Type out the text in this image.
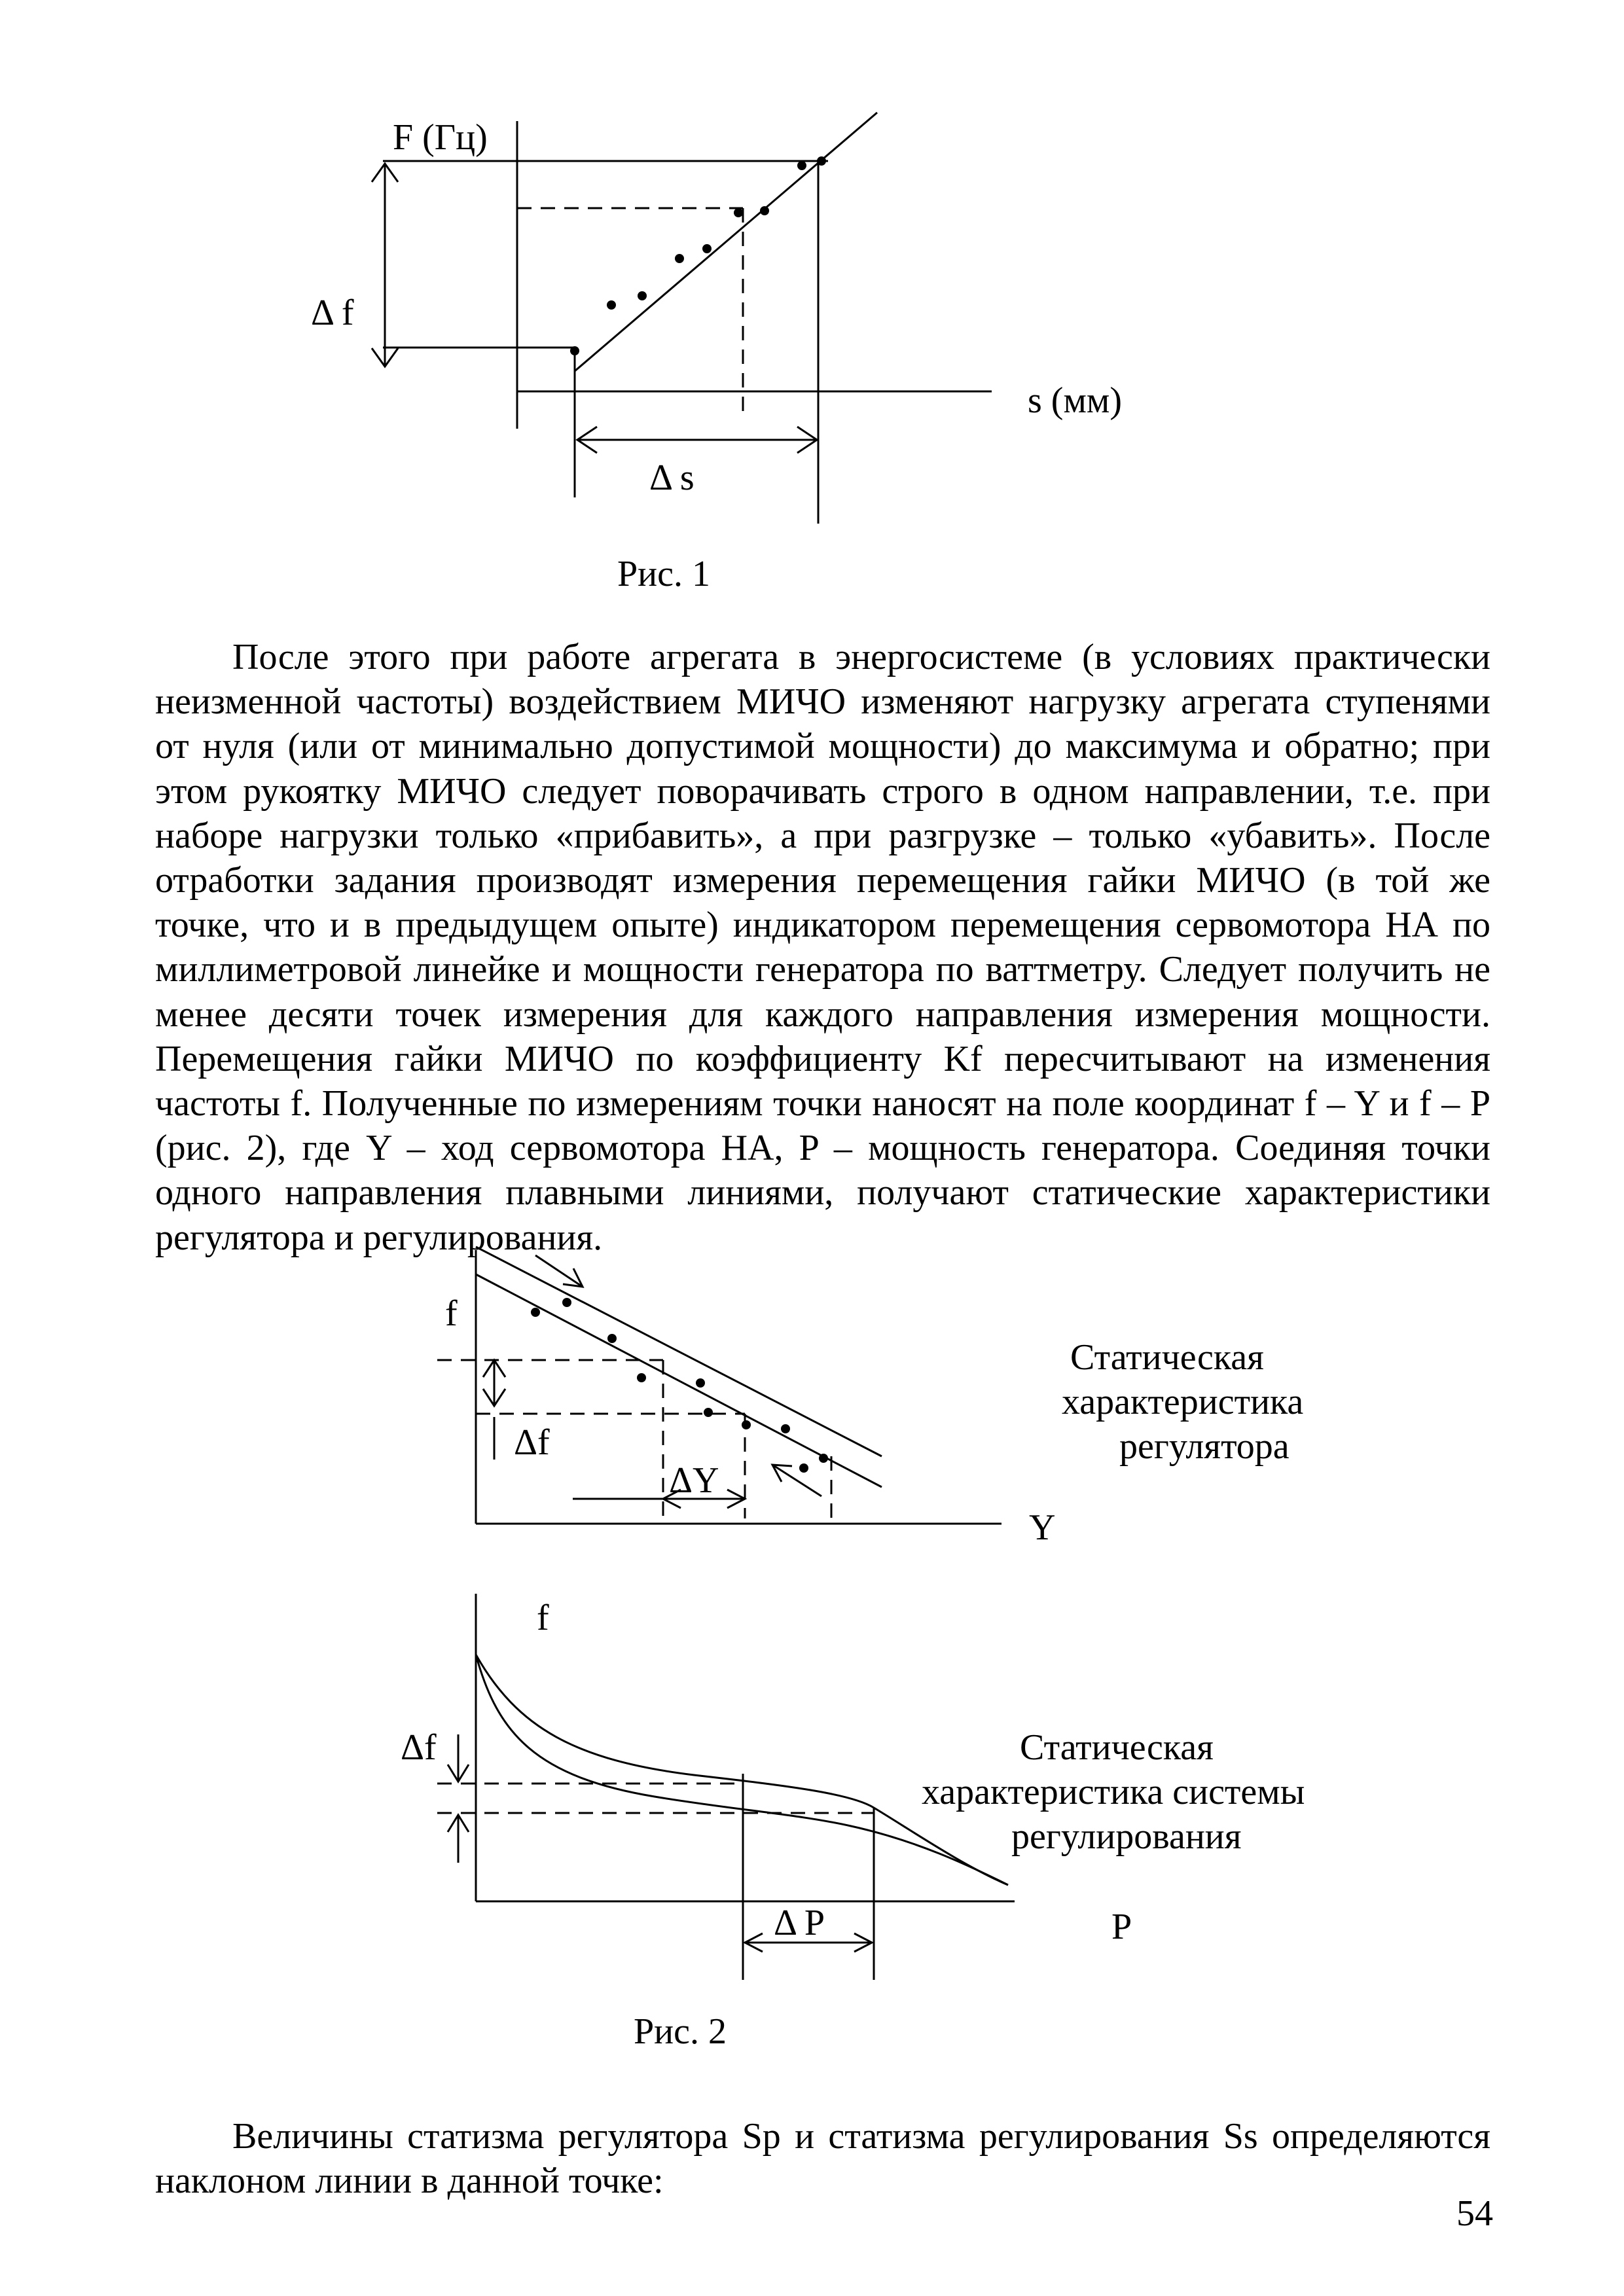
F (Гц)
s (мм)
Δ f
Δ s
Рис. 1

После этого при работе агрегата в энергосистеме (в условиях практически неизменной частоты) воздействием МИЧО изменяют нагрузку агрегата ступенями от нуля (или от минимально допустимой мощности) до максимума и обратно; при этом рукоятку МИЧО следует поворачивать строго в одном направлении, т.е. при наборе нагрузки только «прибавить», а при разгрузке – только «убавить». После отработки задания производят измерения перемещения гайки МИЧО (в той же точке, что и в предыдущем опыте) индикатором перемещения сервомотора НА по миллиметровой линейке и мощности генератора по ваттметру. Следует получить не менее десяти точек измерения для каждого направления измерения мощности. Перемещения гайки МИЧО по коэффициенту Kf пересчитывают на изменения частоты f. Полученные по измерениям точки наносят на поле координат f – Y и f – P (рис. 2), где Y – ход сервомотора НА, P – мощность генератора. Соединяя точки одного направления плавными линиями, получают статические характеристики регулятора и регулирования.

f
Y
Δf
ΔY
Статическая
характеристика
регулятора
f
P
Δf
Δ P
Статическая
характеристика системы
регулирования
Рис. 2

Величины статизма регулятора Sp и статизма регулирования Ss определяются наклоном линии в данной точке:

54
